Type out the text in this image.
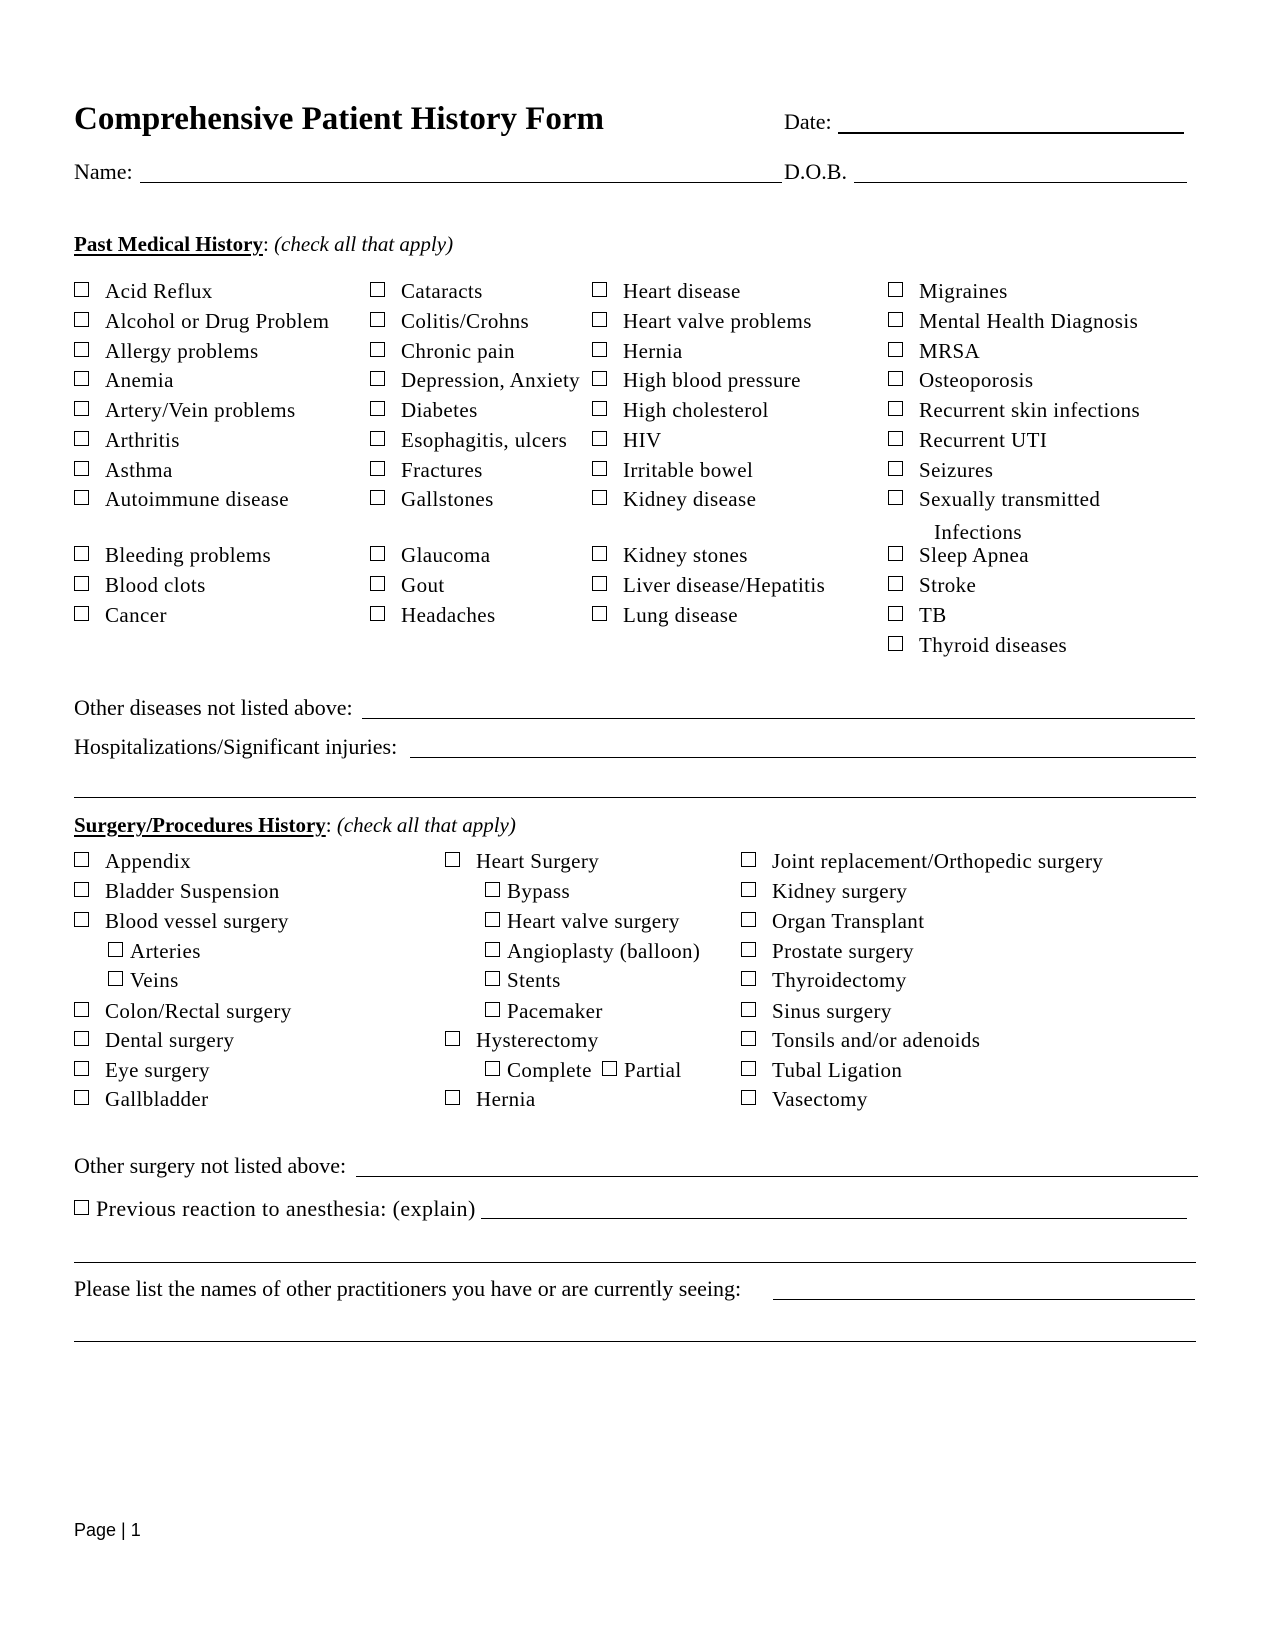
Comprehensive Patient History Form	Date:
Name:	D.O.B.
Past Medical History: (check all that apply)
Acid Reflux
Alcohol or Drug Problem
Allergy problems
Anemia
Artery/Vein problems
Arthritis
Asthma
Autoimmune disease
Bleeding problems
Blood clots
Cancer
Cataracts
Colitis/Crohns
Chronic pain
Depression, Anxiety
Diabetes
Esophagitis, ulcers
Fractures
Gallstones
Glaucoma
Gout
Headaches
Heart disease
Heart valve problems
Hernia
High blood pressure
High cholesterol
HIV
Irritable bowel
Kidney disease
Kidney stones
Liver disease/Hepatitis
Lung disease
Migraines
Mental Health Diagnosis
MRSA
Osteoporosis
Recurrent skin infections
Recurrent UTI
Seizures
Sexually transmitted
Sleep Apnea
Stroke
TB
Thyroid diseases
Infections
Other diseases not listed above:
Hospitalizations/Significant injuries:
Surgery/Procedures History: (check all that apply)
Appendix
Bladder Suspension
Blood vessel surgery
Arteries
Veins
Colon/Rectal surgery
Dental surgery
Eye surgery
Gallbladder
Heart Surgery
Bypass
Heart valve surgery
Angioplasty (balloon)
Stents
Pacemaker
Hysterectomy
Complete	Partial
Hernia
Joint replacement/Orthopedic surgery
Kidney surgery
Organ Transplant
Prostate surgery
Thyroidectomy
Sinus surgery
Tonsils and/or adenoids
Tubal Ligation
Vasectomy
Other surgery not listed above:
Previous reaction to anesthesia: (explain)
Please list the names of other practitioners you have or are currently seeing:
Page | 1
